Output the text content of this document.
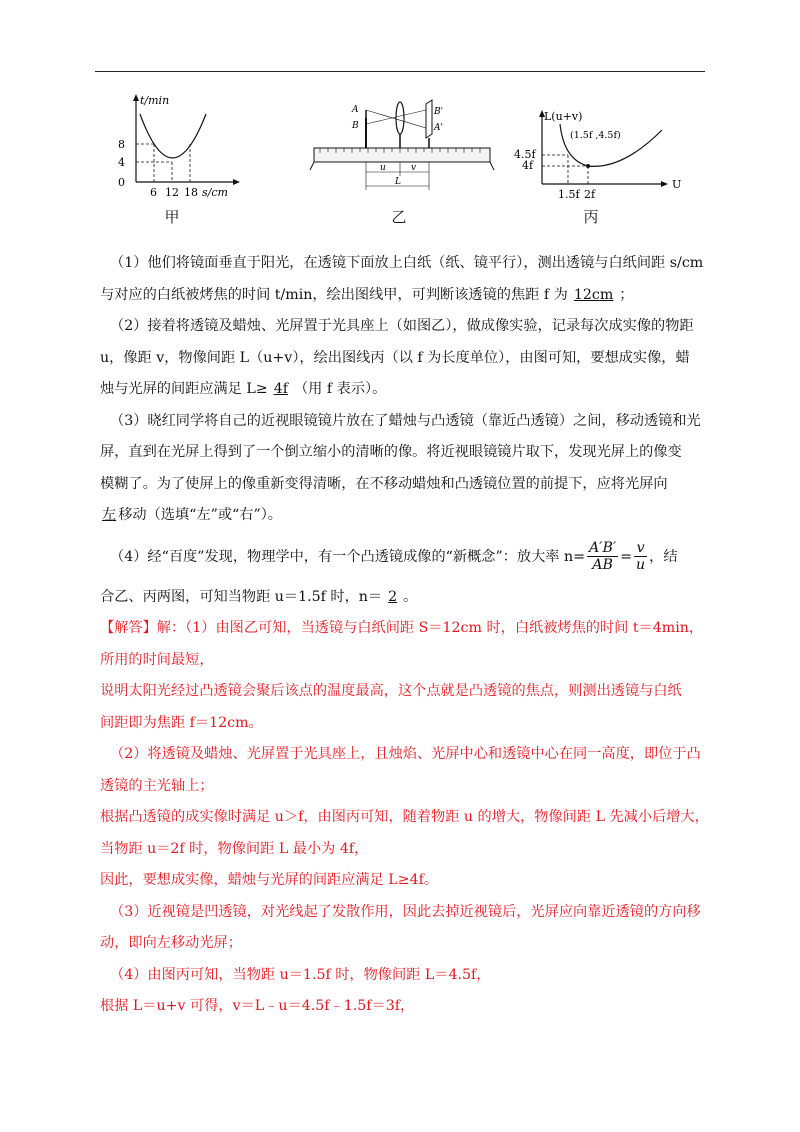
t/min
8
4
0
6 12 18 s/cm
甲
A
B
B'
A'
u	v
L
乙
L(u+v)
U
4.5f
4f
(1.5f ,4.5f)
1.5f 2f
丙
（1）他们将镜面垂直于阳光，在透镜下面放上白纸（纸、镜平行），测出透镜与白纸间距 s/cm
与对应的白纸被烤焦的时间 t/min，绘出图线甲，可判断该透镜的焦距 f 为 12cm ；
（2）接着将透镜及蜡烛、光屏置于光具座上（如图乙），做成像实验，记录每次成实像的物距
u，像距 v，物像间距 L（u+v），绘出图线丙（以 f 为长度单位），由图可知，要想成实像，蜡
烛与光屏的间距应满足 L≥ 4f （用 f 表示）。
（3）晓红同学将自己的近视眼镜镜片放在了蜡烛与凸透镜（靠近凸透镜）之间，移动透镜和光
屏，直到在光屏上得到了一个倒立缩小的清晰的像。将近视眼镜镜片取下，发现光屏上的像变
模糊了。为了使屏上的像重新变得清晰，在不移动蜡烛和凸透镜位置的前提下，应将光屏向
左 移动（选填“左”或“右”）。
（4）经“百度”发现，物理学中，有一个凸透镜成像的“新概念”：放大率 $n= \frac{A'B'}{AB} = \frac{v}{u}$ ，结
合乙、丙两图，可知当物距 u＝1.5f 时，n＝ 2 。
【解答】解：（1）由图乙可知，当透镜与白纸间距 S＝12cm 时，白纸被烤焦的时间 t＝4min，
所用的时间最短，
说明太阳光经过凸透镜会聚后该点的温度最高，这个点就是凸透镜的焦点，则测出透镜与白纸
间距即为焦距 f＝12cm。
（2）将透镜及蜡烛、光屏置于光具座上，且烛焰、光屏中心和透镜中心在同一高度，即位于凸
透镜的主光轴上；
根据凸透镜的成实像时满足 u＞f，由图丙可知，随着物距 u 的增大，物像间距 L 先减小后增大，
当物距 u＝2f 时，物像间距 L 最小为 4f，
因此，要想成实像，蜡烛与光屏的间距应满足 L≥4f。
（3）近视镜是凹透镜，对光线起了发散作用，因此去掉近视镜后，光屏应向靠近透镜的方向移
动，即向左移动光屏；
（4）由图丙可知，当物距 u＝1.5f 时，物像间距 L＝4.5f，
根据 L＝u+v 可得，v＝L﹣u＝4.5f﹣1.5f＝3f，
